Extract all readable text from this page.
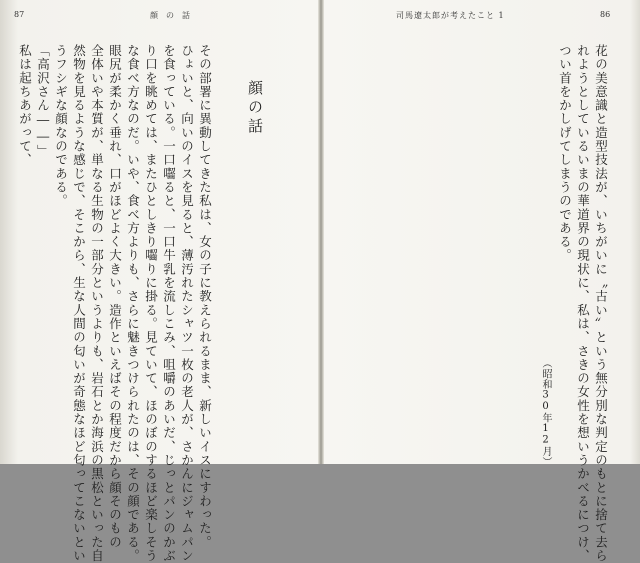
87	顔の話
顔の話
その部署に異動してきた私は、女の子に教えられるまま、新しいイスにすわった。
ひょいと、向いのイスを見ると、薄汚れたシャツ一枚の老人が、さかんにジャムパン
を食っている。一口囓ると、一口牛乳を流しこみ、咀嚼のあいだ、じっとパンのかぶ
り口を眺めては、またひとしきり囓りに掛る。見ていて、ほのぼのするほど楽しそう
な食べ方なのだ。いや、食べ方よりも、さらに魅きつけられたのは、その顔である。
眼尻が柔かく垂れ、口がほどよく大きい。造作といえばその程度だから顔そのもの
全体いや本質が、単なる生物の一部分というよりも、岩石とか海浜の黒松といった自
然物を見るような感じで、そこから、生な人間の匂いが奇態なほど匂ってこないとい
うフシギな顔なのである。
「高沢さん――」
私は起ちあがって、
司馬遼太郎が考えたこと 1	86
花の美意識と造型技法が、いちがいに〝古い〟という無分別な判定のもとに捨て去ら
れようとしているいまの華道界の現状に、私は、さきの女性を想いうかべるにつけ、
つい首をかしげてしまうのである。
（昭和30年12月）
